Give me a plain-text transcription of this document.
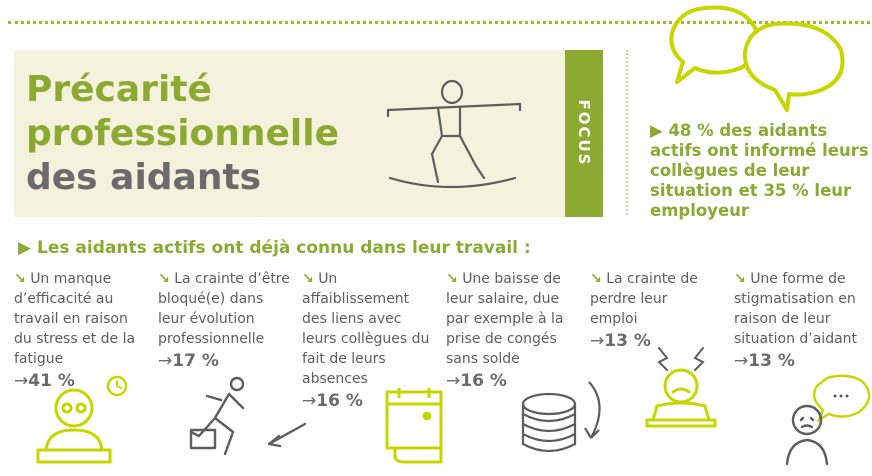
Précarité
professionnelle
des aidants
FOCUS	▶ 48 % des aidants actifs ont informé leurs collègues de leur situation et 35 % leur employeur
▶ Les aidants actifs ont déjà connu dans leur travail :
↘ Un manque d’efficacité au travail en raison du stress et de la fatigue
→41 %
↘ La crainte d’être bloqué(e) dans leur évolution professionnelle
→17 %
↘ Un affaiblissement des liens avec leurs collègues du fait de leurs absences
→16 %
↘ Une baisse de leur salaire, due par exemple à la prise de congés sans solde
→16 %
↘ La crainte de perdre leur emploi
→13 %
↘ Une forme de stigmatisation en raison de leur situation d’aidant
→13 %
